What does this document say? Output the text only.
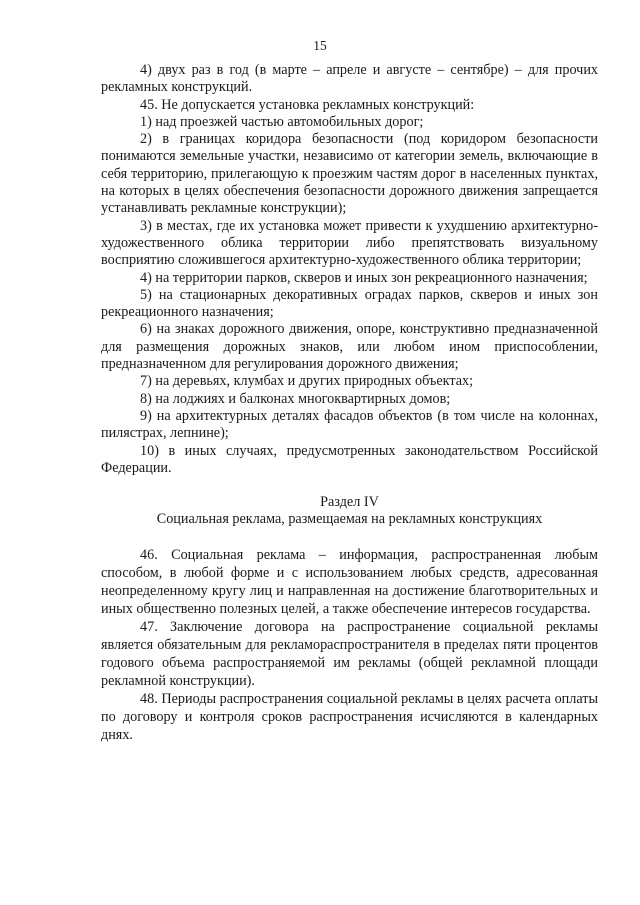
15

4) двух раз в год (в марте – апреле и августе – сентябре) – для прочих рекламных конструкций.

45. Не допускается установка рекламных конструкций:

1) над проезжей частью автомобильных дорог;

2) в границах коридора безопасности (под коридором безопасности понимаются земельные участки, независимо от категории земель, включающие в себя территорию, прилегающую к проезжим частям дорог в населенных пунктах, на которых в целях обеспечения безопасности дорожного движения запрещается устанавливать рекламные конструкции);

3) в местах, где их установка может привести к ухудшению архитектурно-художественного облика территории либо препятствовать визуальному восприятию сложившегося архитектурно-художественного облика территории;

4) на территории парков, скверов и иных зон рекреационного назначения;

5) на стационарных декоративных оградах парков, скверов и иных зон рекреационного назначения;

6) на знаках дорожного движения, опоре, конструктивно предназначенной для размещения дорожных знаков, или любом ином приспособлении, предназначенном для регулирования дорожного движения;

7) на деревьях, клумбах и других природных объектах;

8) на лоджиях и балконах многоквартирных домов;

9) на архитектурных деталях фасадов объектов (в том числе на колоннах, пилястрах, лепнине);

10) в иных случаях, предусмотренных законодательством Российской Федерации.

Раздел IV

Социальная реклама, размещаемая на рекламных конструкциях

46. Социальная реклама – информация, распространенная любым способом, в любой форме и с использованием любых средств, адресованная неопределенному кругу лиц и направленная на достижение благотворительных и иных общественно полезных целей, а также обеспечение интересов государства.

47. Заключение договора на распространение социальной рекламы является обязательным для рекламораспространителя в пределах пяти процентов годового объема распространяемой им рекламы (общей рекламной площади рекламной конструкции).

48. Периоды распространения социальной рекламы в целях расчета оплаты по договору и контроля сроков распространения исчисляются в календарных днях.
